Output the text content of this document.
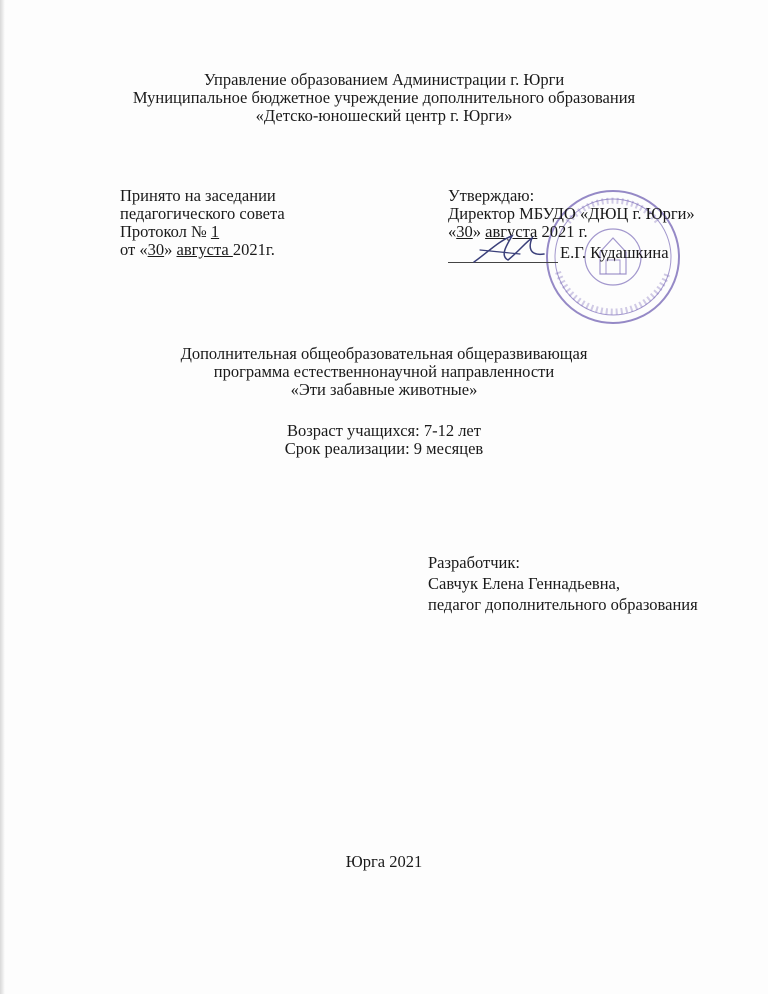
Управление образованием Администрации г. Юрги
Муниципальное бюджетное учреждение дополнительного образования
«Детско-юношеский центр г. Юрги»
Принято на заседании
педагогического совета
Протокол № 1
от «30» августа 2021г.
Утверждаю:
Директор МБУДО «ДЮЦ г. Юрги»
«30» августа 2021 г.
Е.Г. Кудашкина
Дополнительная общеобразовательная общеразвивающая
программа естественнонаучной направленности
«Эти забавные животные»
Возраст учащихся: 7-12 лет
Срок реализации: 9 месяцев
Разработчик:
Савчук Елена Геннадьевна,
педагог дополнительного образования
Юрга 2021
